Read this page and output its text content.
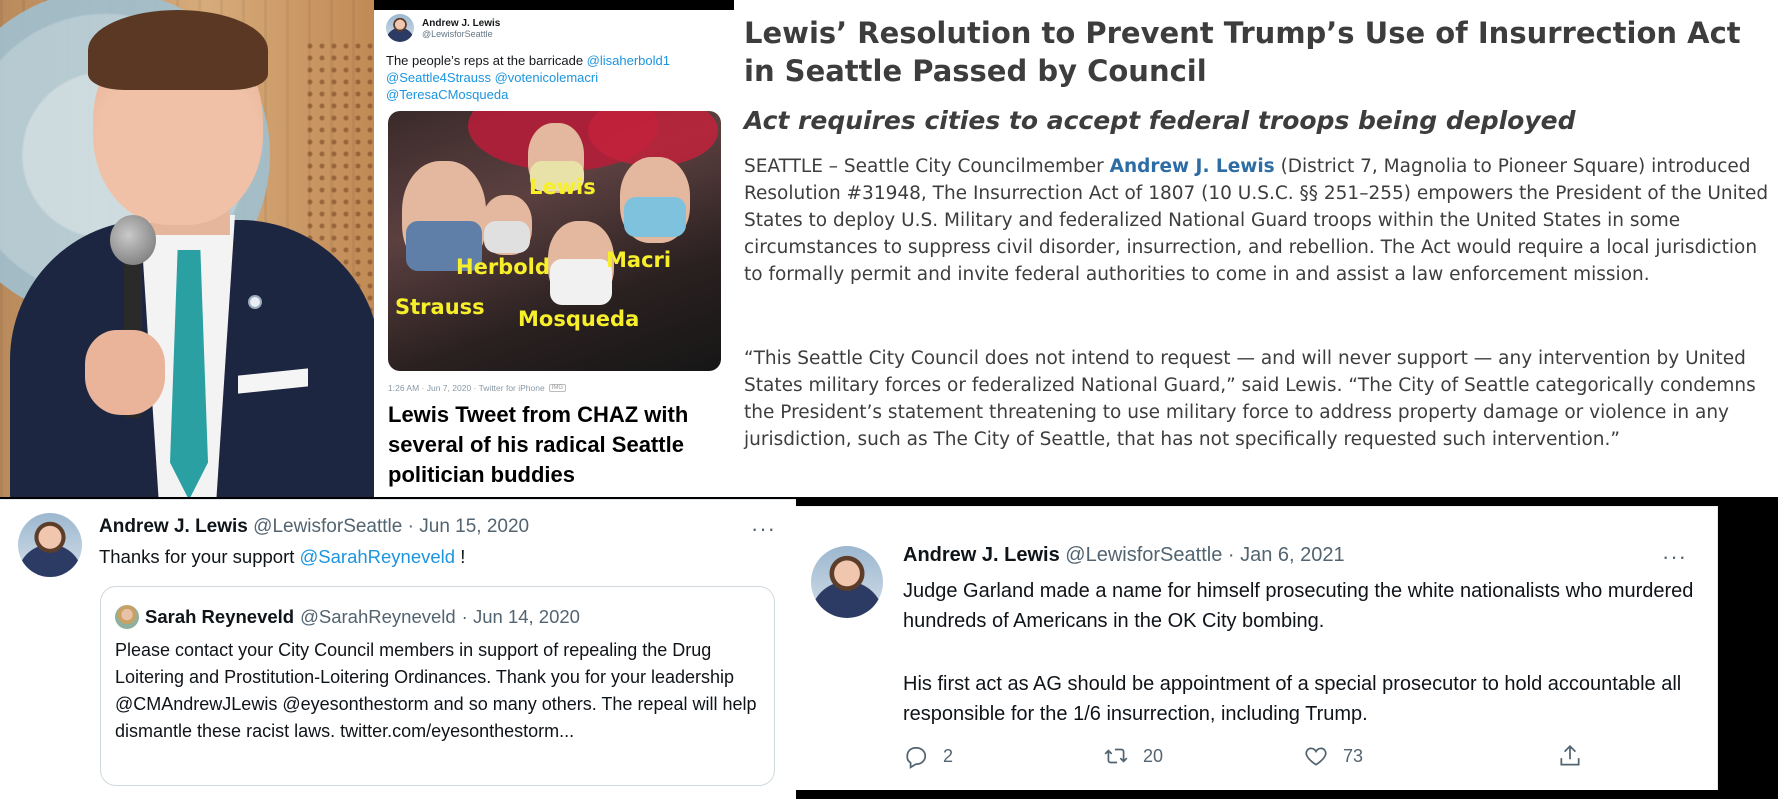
Andrew J. Lewis
@LewisforSeattle
The people’s reps at the barricade @lisaherbold1
@Seattle4Strauss @votenicolemacri
@TeresaCMosqueda
Lewis
Herbold	Macri
Strauss Mosqueda
1:26 AM · Jun 7, 2020 · Twitter for iPhone	IMG
Lewis Tweet from CHAZ with several of his radical Seattle politician buddies
Lewis’ Resolution to Prevent Trump’s Use of Insurrection Act in Seattle Passed by Council
Act requires cities to accept federal troops being deployed
SEATTLE – Seattle City Councilmember Andrew J. Lewis (District 7, Magnolia to Pioneer Square) introduced Resolution #31948, The Insurrection Act of 1807 (10 U.S.C. §§ 251–255) empowers the President of the United States to deploy U.S. Military and federalized National Guard troops within the United States in some circumstances to suppress civil disorder, insurrection, and rebellion. The Act would require a local jurisdiction to formally permit and invite federal authorities to come in and assist a law enforcement mission.
“This Seattle City Council does not intend to request — and will never support — any intervention by United States military forces or federalized National Guard,” said Lewis. “The City of Seattle categorically condemns the President’s statement threatening to use military force to address property damage or violence in any jurisdiction, such as The City of Seattle, that has not specifically requested such intervention.”
Andrew J. Lewis @LewisforSeattle · Jun 15, 2020	···
Thanks for your support @SarahReyneveld !
Sarah Reyneveld @SarahReyneveld · Jun 14, 2020
Please contact your City Council members in support of repealing the Drug Loitering and Prostitution-Loitering Ordinances. Thank you for your leadership @CMAndrewJLewis @eyesonthestorm and so many others. The repeal will help dismantle these racist laws. twitter.com/eyesonthestorm...
Andrew J. Lewis @LewisforSeattle · Jan 6, 2021	···
Judge Garland made a name for himself prosecuting the white nationalists who murdered hundreds of Americans in the OK City bombing.
His first act as AG should be appointment of a special prosecutor to hold accountable all responsible for the 1/6 insurrection, including Trump.
2	20	73
